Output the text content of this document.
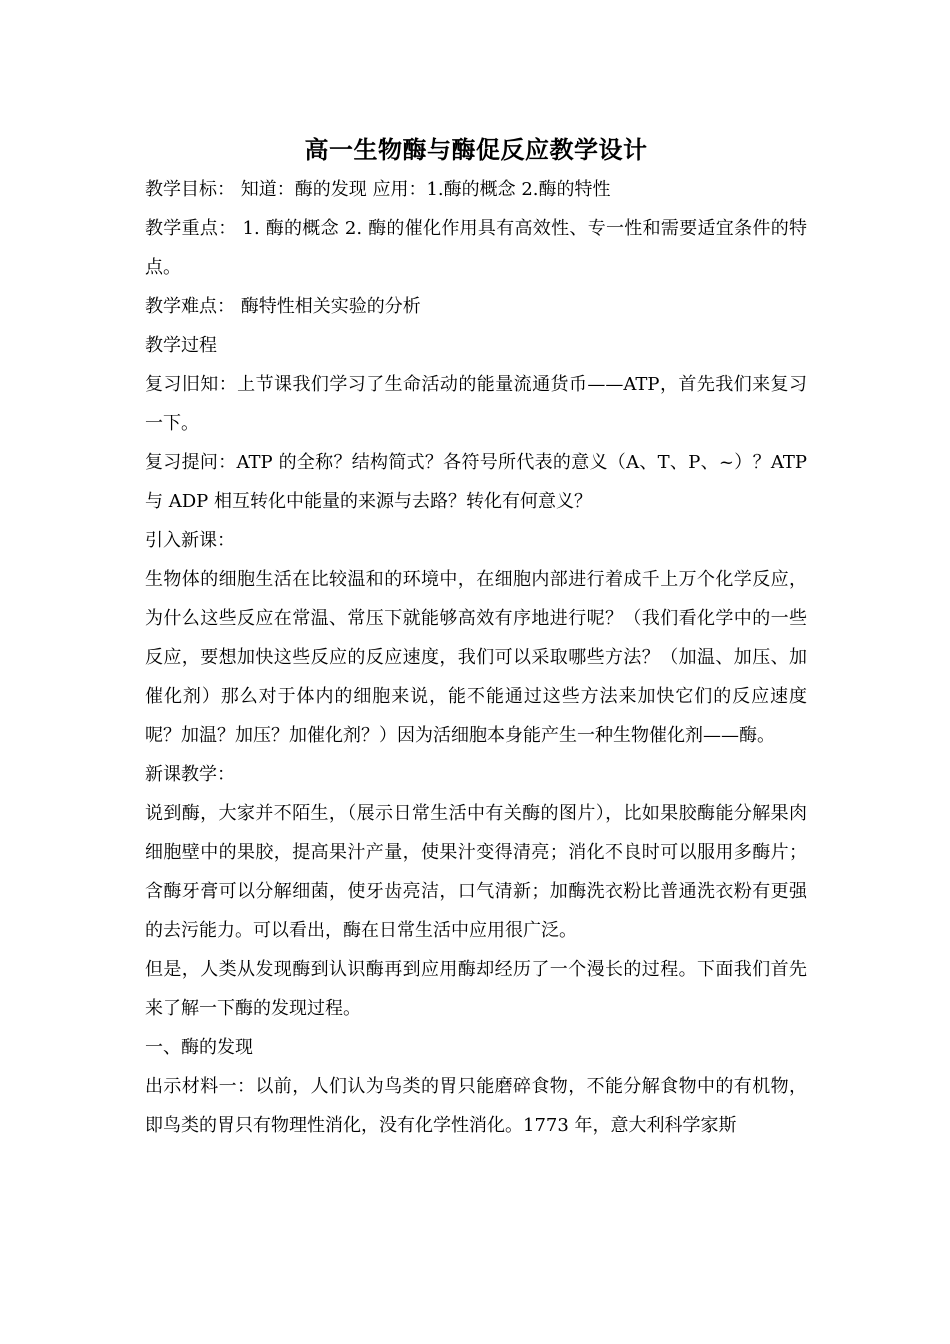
高一生物酶与酶促反应教学设计

教学目标： 知道：酶的发现 应用：1.酶的概念 2.酶的特性

教学重点： 1. 酶的概念 2. 酶的催化作用具有高效性、专一性和需要适宜条件的特点。

教学难点： 酶特性相关实验的分析

教学过程

复习旧知：上节课我们学习了生命活动的能量流通货币——ATP，首先我们来复习一下。

复习提问：ATP 的全称？结构简式？各符号所代表的意义（A、T、P、~）？ATP 与 ADP 相互转化中能量的来源与去路？转化有何意义？

引入新课：

生物体的细胞生活在比较温和的环境中，在细胞内部进行着成千上万个化学反应，为什么这些反应在常温、常压下就能够高效有序地进行呢？（我们看化学中的一些反应，要想加快这些反应的反应速度，我们可以采取哪些方法？（加温、加压、加催化剂）那么对于体内的细胞来说，能不能通过这些方法来加快它们的反应速度呢？加温？加压？加催化剂？）因为活细胞本身能产生一种生物催化剂——酶。

新课教学：

说到酶，大家并不陌生，（展示日常生活中有关酶的图片），比如果胶酶能分解果肉细胞壁中的果胶，提高果汁产量，使果汁变得清亮；消化不良时可以服用多酶片；含酶牙膏可以分解细菌，使牙齿亮洁，口气清新；加酶洗衣粉比普通洗衣粉有更强的去污能力。可以看出，酶在日常生活中应用很广泛。

但是，人类从发现酶到认识酶再到应用酶却经历了一个漫长的过程。下面我们首先来了解一下酶的发现过程。

一、酶的发现

出示材料一：以前，人们认为鸟类的胃只能磨碎食物，不能分解食物中的有机物，即鸟类的胃只有物理性消化，没有化学性消化。1773 年，意大利科学家斯
